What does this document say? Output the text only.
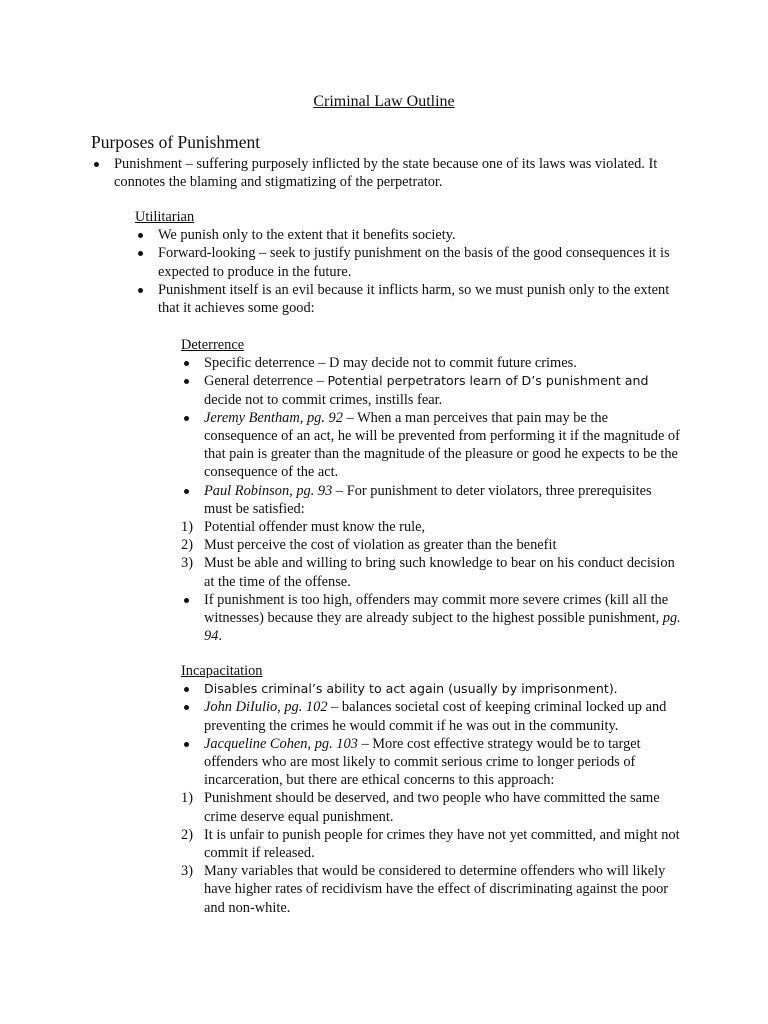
Criminal Law Outline
Purposes of Punishment
Punishment – suffering purposely inflicted by the state because one of its laws was violated. It connotes the blaming and stigmatizing of the perpetrator.

Utilitarian

We punish only to the extent that it benefits society.
Forward-looking – seek to justify punishment on the basis of the good consequences it is expected to produce in the future.
Punishment itself is an evil because it inflicts harm, so we must punish only to the extent that it achieves some good:

Deterrence

Specific deterrence – D may decide not to commit future crimes.
General deterrence – Potential perpetrators learn of D’s punishment and decide not to commit crimes, instills fear.
Jeremy Bentham, pg. 92 – When a man perceives that pain may be the consequence of an act, he will be prevented from performing it if the magnitude of that pain is greater than the magnitude of the pleasure or good he expects to be the consequence of the act.
Paul Robinson, pg. 93 – For punishment to deter violators, three prerequisites must be satisfied:
1) Potential offender must know the rule,
2) Must perceive the cost of violation as greater than the benefit
3) Must be able and willing to bring such knowledge to bear on his conduct decision at the time of the offense.
If punishment is too high, offenders may commit more severe crimes (kill all the witnesses) because they are already subject to the highest possible punishment, pg. 94.

Incapacitation

Disables criminal’s ability to act again (usually by imprisonment).
John DiIulio, pg. 102 – balances societal cost of keeping criminal locked up and preventing the crimes he would commit if he was out in the community.
Jacqueline Cohen, pg. 103 – More cost effective strategy would be to target offenders who are most likely to commit serious crime to longer periods of incarceration, but there are ethical concerns to this approach:
1) Punishment should be deserved, and two people who have committed the same crime deserve equal punishment.
2) It is unfair to punish people for crimes they have not yet committed, and might not commit if released.
3) Many variables that would be considered to determine offenders who will likely have higher rates of recidivism have the effect of discriminating against the poor and non-white.
